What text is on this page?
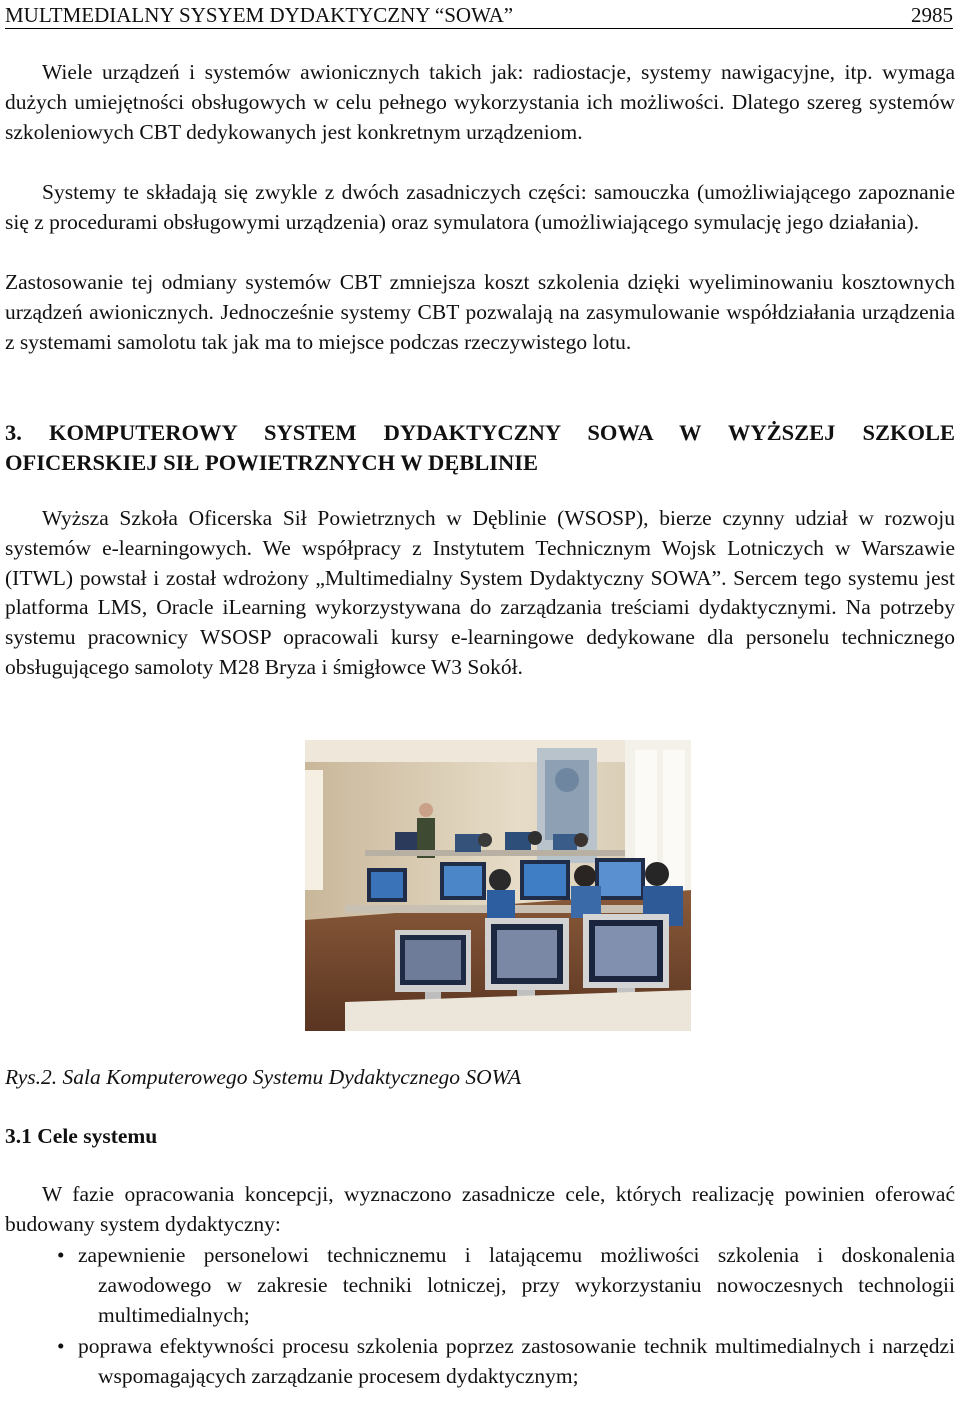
MULTMEDIALNY SYSYEM DYDAKTYCZNY “SOWA”	2985

Wiele urządzeń i systemów awionicznych takich jak: radiostacje, systemy nawigacyjne, itp. wymaga dużych umiejętności obsługowych w celu pełnego wykorzystania ich możliwości. Dlatego szereg systemów szkoleniowych CBT dedykowanych jest konkretnym urządzeniom.

Systemy te składają się zwykle z dwóch zasadniczych części: samouczka (umożliwiającego zapoznanie się z procedurami obsługowymi urządzenia) oraz symulatora (umożliwiającego symulację jego działania).

Zastosowanie tej odmiany systemów CBT zmniejsza koszt szkolenia dzięki wyeliminowaniu kosztownych urządzeń awionicznych. Jednocześnie systemy CBT pozwalają na zasymulowanie współdziałania urządzenia z systemami samolotu tak jak ma to miejsce podczas rzeczywistego lotu.

3. KOMPUTEROWY SYSTEM DYDAKTYCZNY SOWA W WYŻSZEJ SZKOLE OFICERSKIEJ SIŁ POWIETRZNYCH W DĘBLINIE

Wyższa Szkoła Oficerska Sił Powietrznych w Dęblinie (WSOSP), bierze czynny udział w rozwoju systemów e-learningowych. We współpracy z Instytutem Technicznym Wojsk Lotniczych w Warszawie (ITWL) powstał i został wdrożony „Multimedialny System Dydaktyczny SOWA”. Sercem tego systemu jest platforma LMS, Oracle iLearning wykorzystywana do zarządzania treściami dydaktycznymi. Na potrzeby systemu pracownicy WSOSP opracowali kursy e-learningowe dedykowane dla personelu technicznego obsługującego samoloty M28 Bryza i śmigłowce W3 Sokół.

Rys.2. Sala Komputerowego Systemu Dydaktycznego SOWA
3.1 Cele systemu

W fazie opracowania koncepcji, wyznaczono zasadnicze cele, których realizację powinien oferować budowany system dydaktyczny:

• zapewnienie personelowi technicznemu i latającemu możliwości szkolenia i doskonalenia zawodowego w zakresie techniki lotniczej, przy wykorzystaniu nowoczesnych technologii multimedialnych;
• poprawa efektywności procesu szkolenia poprzez zastosowanie technik multimedialnych i narzędzi wspomagających zarządzanie procesem dydaktycznym;
